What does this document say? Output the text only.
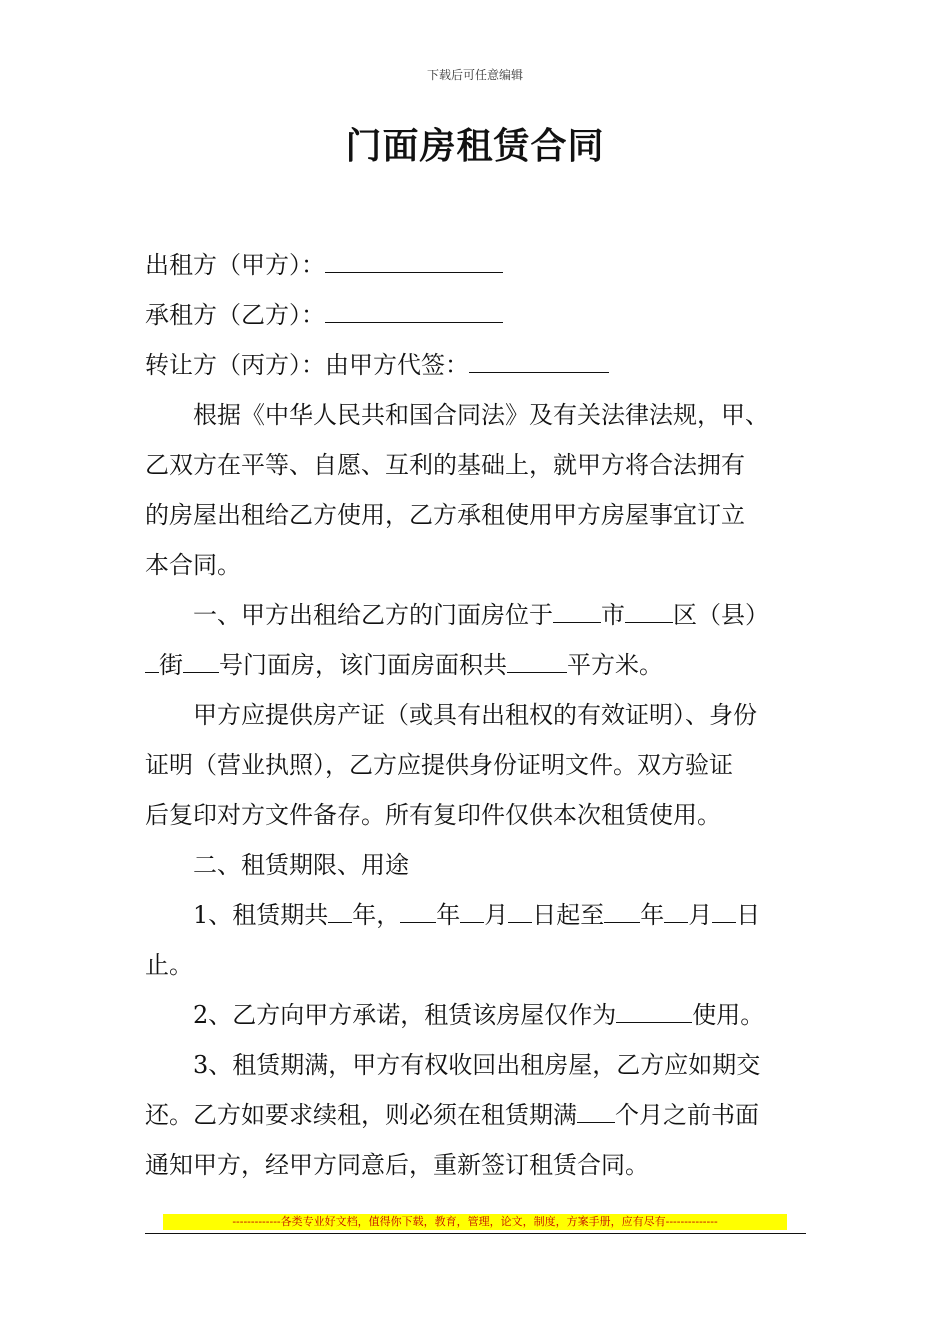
下载后可任意编辑
门面房租赁合同
出租方（甲方）：
承租方（乙方）：
转让方（丙方）：由甲方代签：
根据《中华人民共和国合同法》及有关法律法规，甲、
乙双方在平等、自愿、互利的基础上，就甲方将合法拥有
的房屋出租给乙方使用，乙方承租使用甲方房屋事宜订立
本合同。
一、甲方出租给乙方的门面房位于 市 区（县）
街 号门面房，该门面房面积共	平方米。
甲方应提供房产证（或具有出租权的有效证明）、身份
证明（营业执照），乙方应提供身份证明文件。双方验证
后复印对方文件备存。所有复印件仅供本次租赁使用。
二、租赁期限、用途
1、租赁期共 年， 年 月 日起至 年 月 日
止。
2、乙方向甲方承诺，租赁该房屋仅作为	使用。
3、租赁期满，甲方有权收回出租房屋，乙方应如期交
还。乙方如要求续租，则必须在租赁期满 个月之前书面
通知甲方，经甲方同意后，重新签订租赁合同。
-------------各类专业好文档，值得你下载，教育，管理，论文，制度，方案手册，应有尽有--------------
